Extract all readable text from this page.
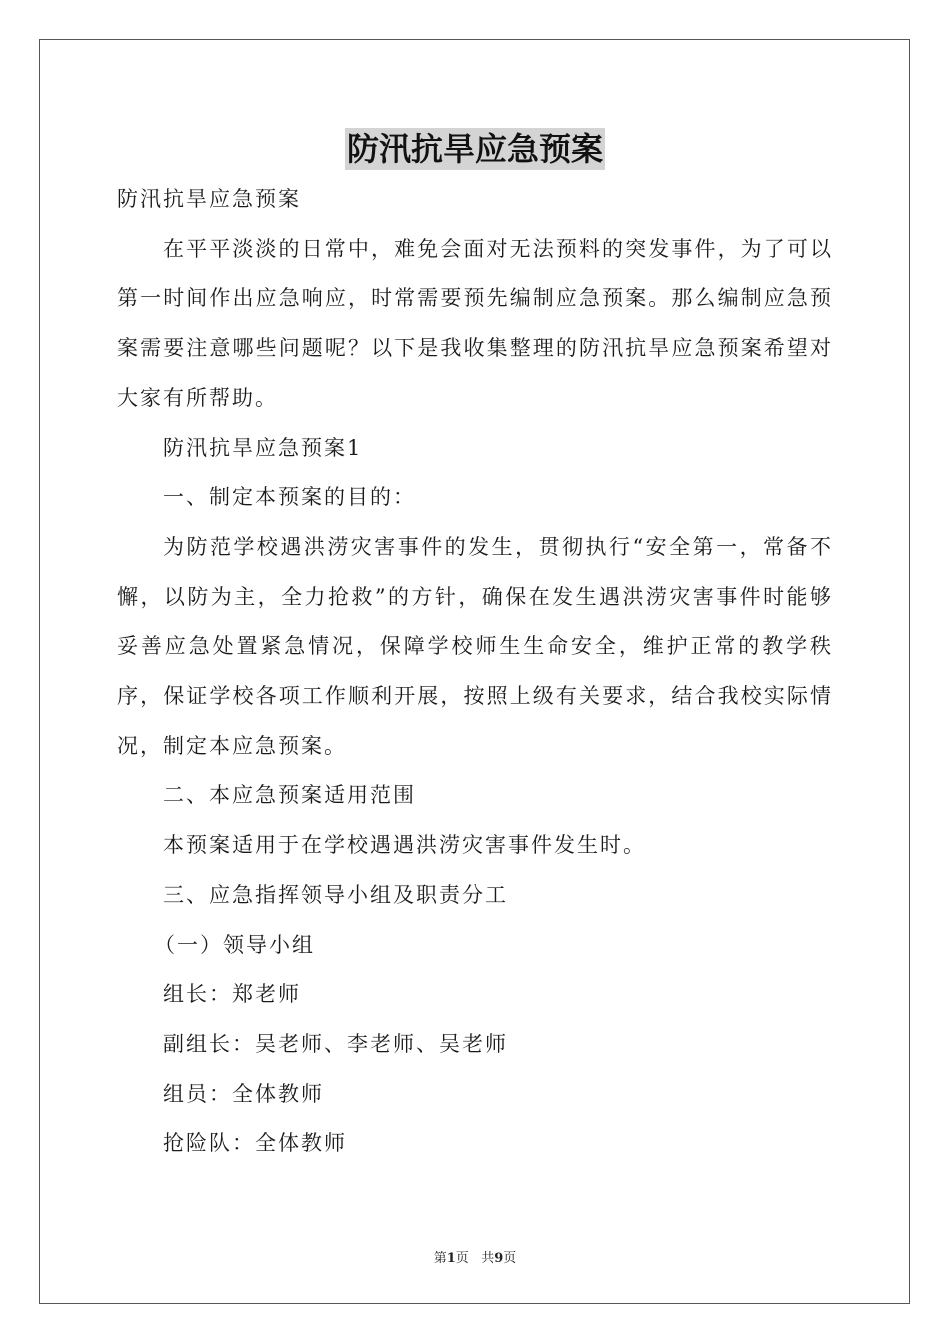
防汛抗旱应急预案

防汛抗旱应急预案

在平平淡淡的日常中，难免会面对无法预料的突发事件，为了可以第一时间作出应急响应，时常需要预先编制应急预案。那么编制应急预案需要注意哪些问题呢？以下是我收集整理的防汛抗旱应急预案希望对大家有所帮助。

防汛抗旱应急预案1

一、制定本预案的目的：

为防范学校遇洪涝灾害事件的发生，贯彻执行“安全第一，常备不懈，以防为主，全力抢救”的方针，确保在发生遇洪涝灾害事件时能够妥善应急处置紧急情况，保障学校师生生命安全，维护正常的教学秩序，保证学校各项工作顺利开展，按照上级有关要求，结合我校实际情况，制定本应急预案。

二、本应急预案适用范围

本预案适用于在学校遇遇洪涝灾害事件发生时。

三、应急指挥领导小组及职责分工

（一）领导小组

组长：郑老师

副组长：吴老师、李老师、吴老师

组员：全体教师

抢险队：全体教师

第1页 共9页
